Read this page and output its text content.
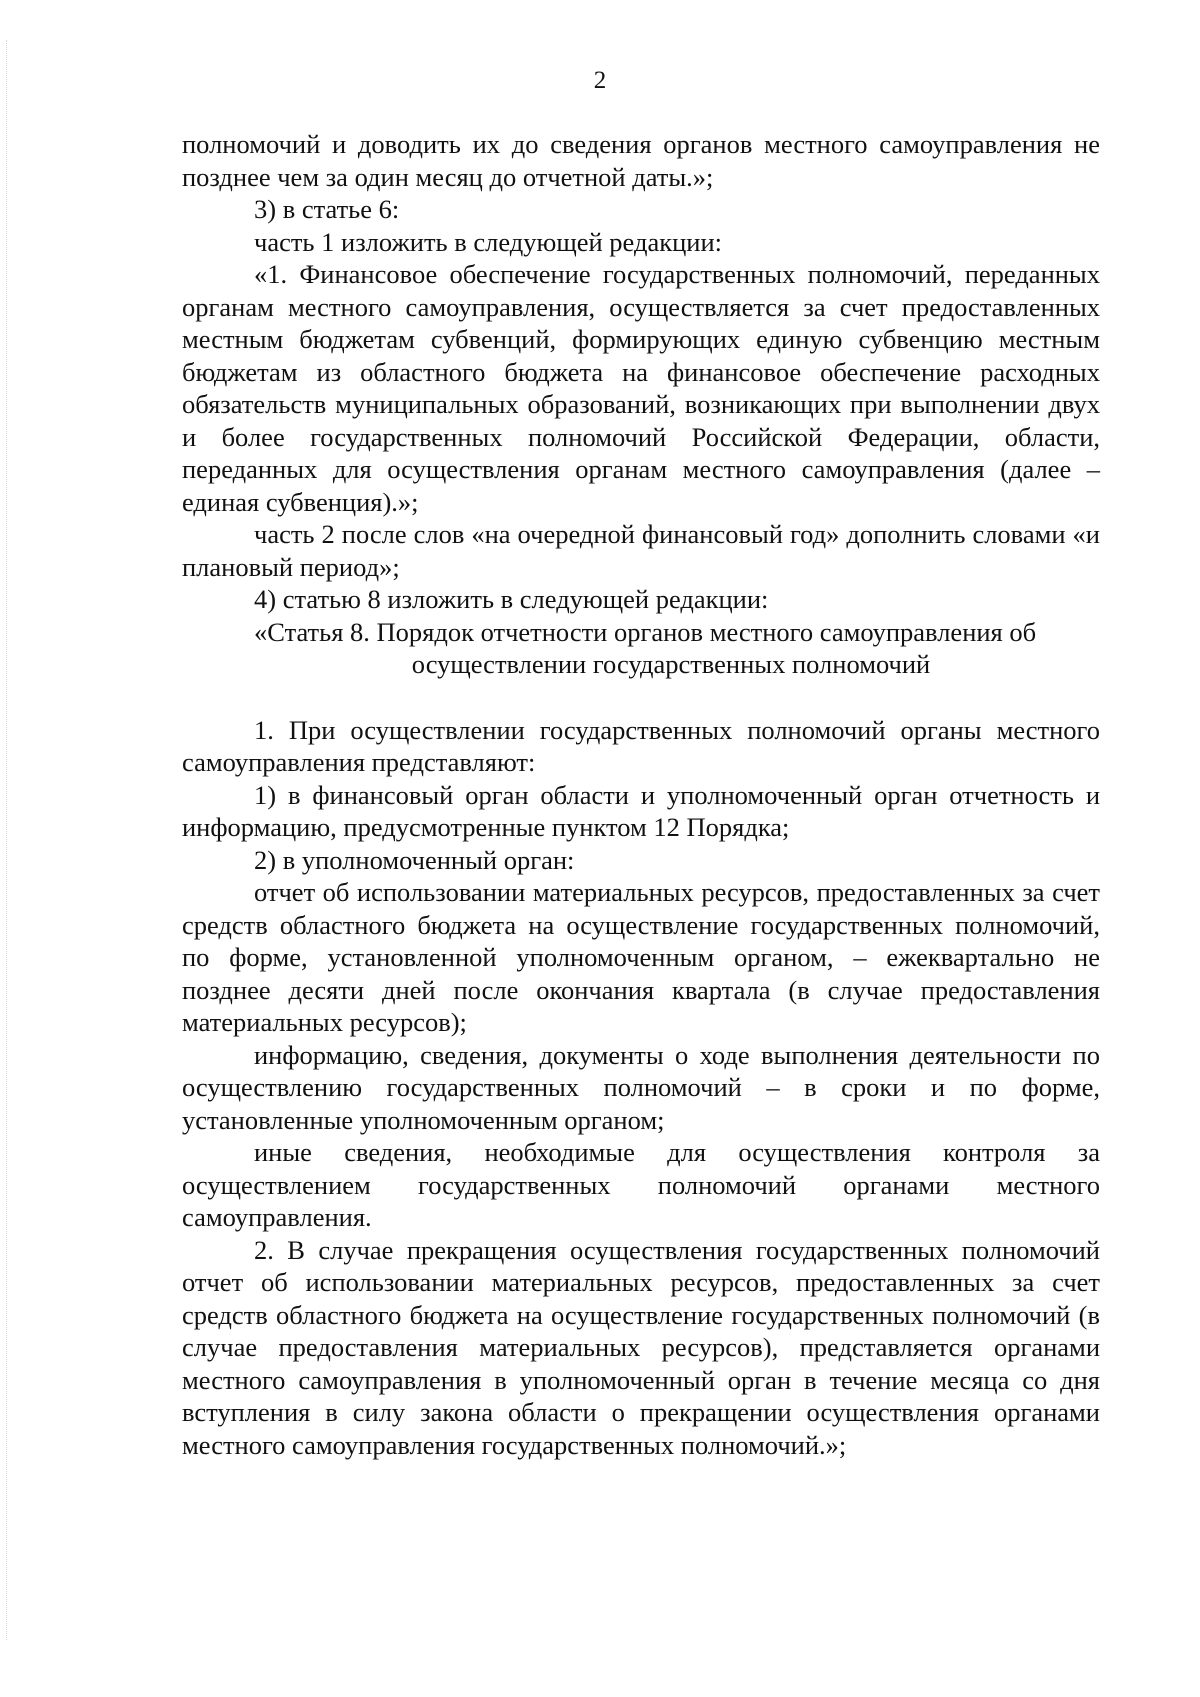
2

полномочий и доводить их до сведения органов местного самоуправления не позднее чем за один месяц до отчетной даты.»;

3) в статье 6:

часть 1 изложить в следующей редакции:

«1. Финансовое обеспечение государственных полномочий, переданных органам местного самоуправления, осуществляется за счет предоставленных местным бюджетам субвенций, формирующих единую субвенцию местным бюджетам из областного бюджета на финансовое обеспечение расходных обязательств муниципальных образований, возникающих при выполнении двух и более государственных полномочий Российской Федерации, области, переданных для осуществления органам местного самоуправления (далее – единая субвенция).»;

часть 2 после слов «на очередной финансовый год» дополнить словами «и плановый период»;

4) статью 8 изложить в следующей редакции:

«Статья 8. Порядок отчетности органов местного самоуправления об

осуществлении государственных полномочий

1. При осуществлении государственных полномочий органы местного самоуправления представляют:

1) в финансовый орган области и уполномоченный орган отчетность и информацию, предусмотренные пунктом 12 Порядка;

2) в уполномоченный орган:

отчет об использовании материальных ресурсов, предоставленных за счет средств областного бюджета на осуществление государственных полномочий, по форме, установленной уполномоченным органом, – ежеквартально не позднее десяти дней после окончания квартала (в случае предоставления материальных ресурсов);

информацию, сведения, документы о ходе выполнения деятельности по осуществлению государственных полномочий – в сроки и по форме, установленные уполномоченным органом;

иные сведения, необходимые для осуществления контроля за осуществлением государственных полномочий органами местного самоуправления.

2. В случае прекращения осуществления государственных полномочий отчет об использовании материальных ресурсов, предоставленных за счет средств областного бюджета на осуществление государственных полномочий (в случае предоставления материальных ресурсов), представляется органами местного самоуправления в уполномоченный орган в течение месяца со дня вступления в силу закона области о прекращении осуществления органами местного самоуправления государственных полномочий.»;
